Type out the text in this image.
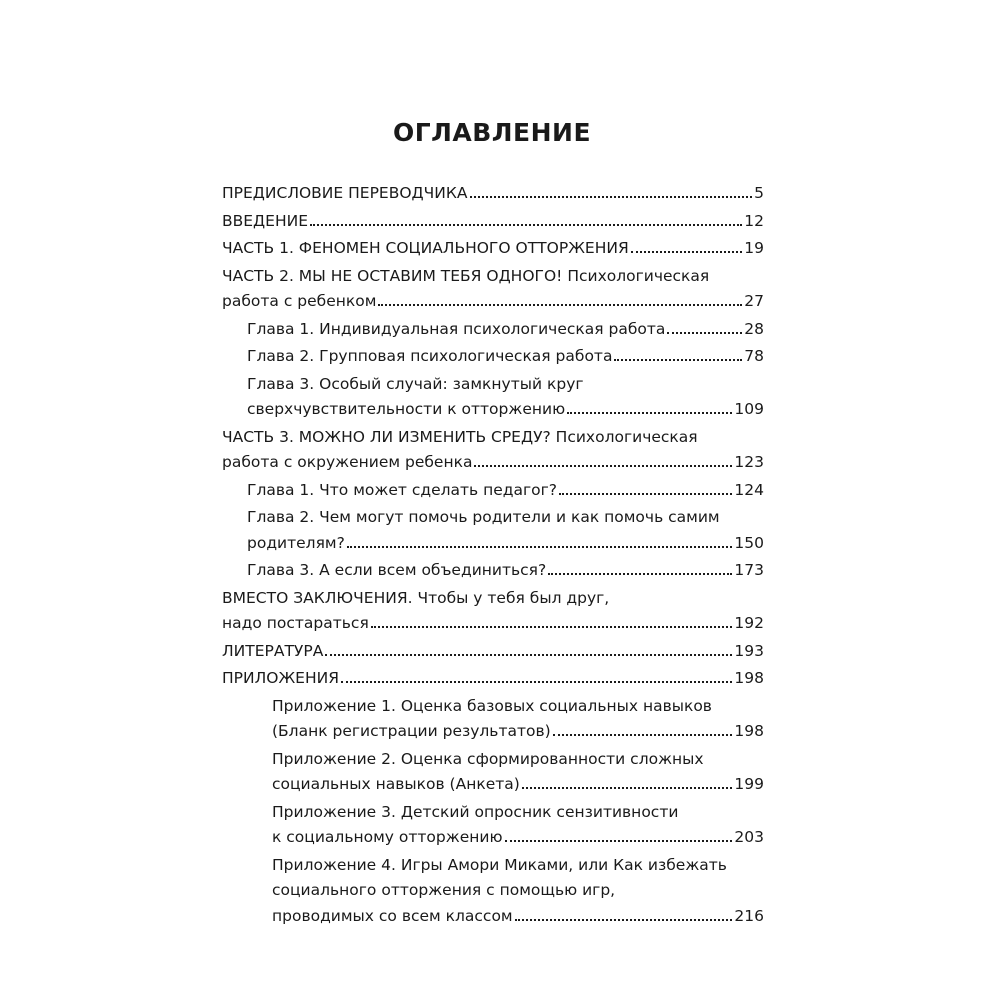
ОГЛАВЛЕНИЕ
ПРЕДИСЛОВИЕ ПЕРЕВОДЧИКА	5
ВВЕДЕНИЕ	12
ЧАСТЬ 1. ФЕНОМЕН СОЦИАЛЬНОГО ОТТОРЖЕНИЯ	19
ЧАСТЬ 2. МЫ НЕ ОСТАВИМ ТЕБЯ ОДНОГО! Психологическая
работа с ребенком	27
Глава 1. Индивидуальная психологическая работа	28
Глава 2. Групповая психологическая работа	78
Глава 3. Особый случай: замкнутый круг
сверхчувствительности к отторжению	109
ЧАСТЬ 3. МОЖНО ЛИ ИЗМЕНИТЬ СРЕДУ? Психологическая
работа с окружением ребенка	123
Глава 1. Что может сделать педагог?	124
Глава 2. Чем могут помочь родители и как помочь самим
родителям?	150
Глава 3. А если всем объединиться?	173
ВМЕСТО ЗАКЛЮЧЕНИЯ. Чтобы у тебя был друг,
надо постараться	192
ЛИТЕРАТУРА	193
ПРИЛОЖЕНИЯ	198
Приложение 1. Оценка базовых социальных навыков
(Бланк регистрации результатов)	198
Приложение 2. Оценка сформированности сложных
социальных навыков (Анкета)	199
Приложение 3. Детский опросник сензитивности
к социальному отторжению	203
Приложение 4. Игры Амори Миками, или Как избежать
социального отторжения с помощью игр,
проводимых со всем классом	216
